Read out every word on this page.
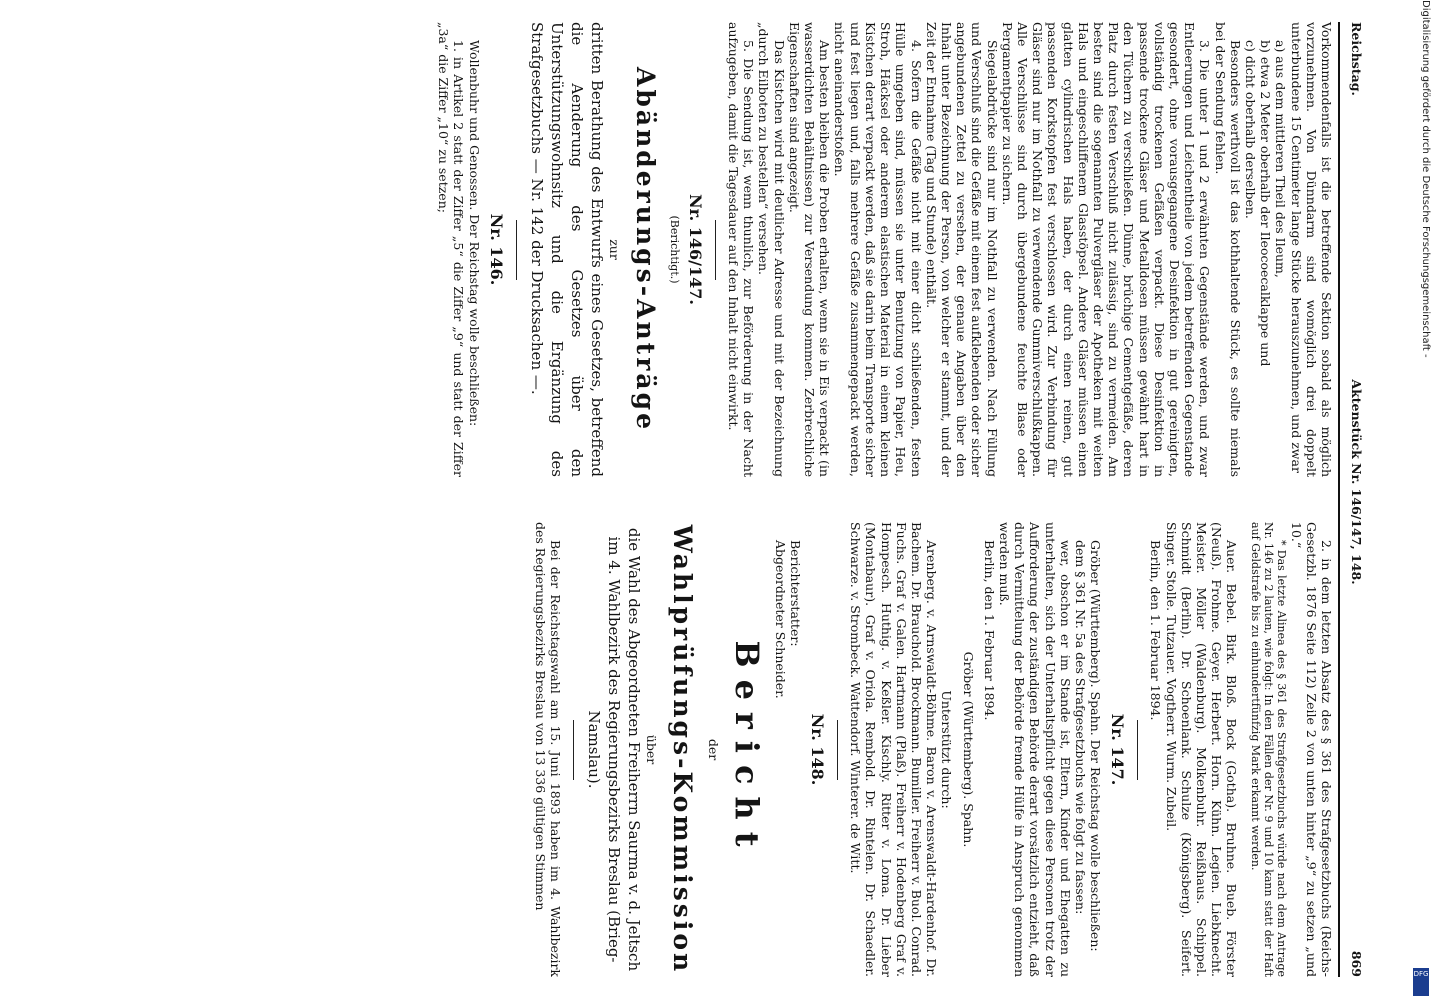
Reichstag.
Aktenstück Nr. 146/147, 148.
869

Vorkommendenfalls ist die betreffende Sektion sobald als möglich vorzunehmen. Von Dünndarm sind womöglich drei doppelt unterbundene 15 Centimeter lange Stücke herauszunehmen, und zwar

a) aus dem mittleren Theil des Ileum,

b) etwa 2 Meter oberhalb der Ileocoecalklappe und

c) dicht oberhalb derselben.

Besonders werthvoll ist das kothhaltende Stück, es sollte niemals bei der Sendung fehlen.

3. Die unter 1 und 2 erwähnten Gegenstände werden, und zwar Entleerungen und Leichentheile von jedem betreffenden Gegenstande gesondert, ohne vorausgegangene Desinfektion in gut gereinigten, vollständig trockenen Gefäßen verpackt. Diese Desinfektion in passende trockene Gläser und Metalldosen müssen gewähnt hart in den Tüchern zu verschließen. Dünne, brüchige Cementgefäße, deren Platz durch festen Verschluß nicht zulässig, sind zu vermeiden. Am besten sind die sogenannten Pulvergläser der Apotheken mit weiten Hals und eingeschliffenem Glasstöpsel. Andere Gläser müssen einen glatten cylindrischen Hals haben, der durch einen reinen, gut passenden Korkstopfen fest verschlossen wird. Zur Verbindung für Gläser sind nur im Nothfall zu verwendende Gummiverschlußkappen. Alle Verschlüsse sind durch übergebundene feuchte Blase oder Pergamentpapier zu sichern.

Siegelabdrücke sind nur im Nothfall zu verwenden. Nach Füllung und Verschluß sind die Gefäße mit einem fest aufklebenden oder sicher angebundenen Zettel zu versehen, der genaue Angaben über den Inhalt unter Bezeichnung der Person, von welcher er stammt, und der Zeit der Entnahme (Tag und Stunde) enthält.

4. Sofern die Gefäße nicht mit einer dicht schließenden, festen Hülle umgeben sind, müssen sie unter Benutzung von Papier, Heu, Stroh, Häcksel oder anderem elastischen Material in einem kleinen Kistchen derart verpackt werden, daß sie darin beim Transporte sicher und fest liegen und, falls mehrere Gefäße zusammengepackt werden, nicht aneinanderstoßen.

Am besten bleiben die Proben erhalten, wenn sie in Eis verpackt (in wasserdichten Behältnissen) zur Versendung kommen. Zerbrechliche Eigenschaften sind angezeigt.

Das Kistchen wird mit deutlicher Adresse und mit der Bezeichnung „durch Eilboten zu bestellen“ versehen.

5. Die Sendung ist, wenn thunlich, zur Beförderung in der Nacht aufzugeben, damit die Tagesdauer auf den Inhalt nicht einwirkt.

Nr. 146/147.

(Berichtigt.)

Abänderungs-Anträge

zur

dritten Berathung des Entwurfs eines Gesetzes, betreffend die Aenderung des Gesetzes über den Unterstützungswohnsitz und die Ergänzung des Strafgesetzbuchs — Nr. 142 der Drucksachen —.

Nr. 146.

Wollenbuhr und Genossen. Der Reichstag wolle beschließen:

1. in Artikel 2 statt der Ziffer „5“ die Ziffer „9“ und statt der Ziffer „3a“ die Ziffer „10“ zu setzen;

2. in dem letzten Absatz des § 361 des Strafgesetzbuchs (Reichs-Gesetzbl. 1876 Seite 112) Zeile 2 von unten hinter „9“ zu setzen „und 10.“

* Das letzte Alinea des § 361 des Strafgesetzbuchs würde nach dem Antrage Nr. 146 zu 2 lauten, wie folgt: In den Fällen der Nr. 9 und 10 kann statt der Haft auf Geldstrafe bis zu einhundertfünfzig Mark erkannt werden.

Auer. Bebel. Birk. Bloß. Bock (Gotha). Bruhne. Bueb. Förster (Neuß). Frohme. Geyer. Herbert. Horn. Kühn. Legien. Liebknecht. Meister. Möller (Waldenburg). Molkenbuhr. Reißhaus. Schippel. Schmidt (Berlin). Dr. Schoenlank. Schulze (Königsberg). Seifert. Singer. Stolle. Tutzauer. Vogtherr. Wurm. Zubeil.

Berlin, den 1. Februar 1894.

Nr. 147.

Gröber (Württemberg). Spahn. Der Reichstag wolle beschließen:

dem § 361 Nr. 5a des Strafgesetzbuchs wie folgt zu fassen:

wer, obschon er im Stande ist, Eltern, Kinder und Ehegatten zu unterhalten, sich der Unterhaltspflicht gegen diese Personen trotz der Aufforderung der zuständigen Behörde derart vorsätzlich entzieht, daß durch Vermittelung der Behörde fremde Hülfe in Anspruch genommen werden muß.

Berlin, den 1. Februar 1894.

Gröber (Württemberg). Spahn.

Unterstützt durch:

Arenberg. v. Arnswaldt-Böhme. Baron v. Arenswaldt-Hardenhof. Dr. Bachem. Dr. Brauchold. Brockmann. Bumiller. Freiherr v. Buol. Conrad. Fuchs. Graf v. Galen. Hartmann (Plaß). Freiherr v. Hodenberg Graf v. Hompesch. Huthig. v. Keßler. Kischly. Ritter v. Loma. Dr. Lieber (Montabaur). Graf v. Oriola. Rembold. Dr. Rintelen. Dr. Schaedler. Schwarze. v. Strombeck. Wattendorf. Winterer. de Witt.

Nr. 148.

Berichterstatter:

Abgeordneter Schneider.

Bericht

der

Wahlprüfungs-Kommission

über

die Wahl des Abgeordneten Freiherrn Saurma v. d. Jeltsch im 4. Wahlbezirk des Regierungsbezirks Breslau (Brieg-Namslau).

Bei der Reichstagswahl am 15. Juni 1893 haben im 4. Wahlbezirk des Regierungsbezirks Breslau von 13 336 gültigen Stimmen

Digitalisierung gefördert durch die Deutsche Forschungsgemeinschaft -
DFG
